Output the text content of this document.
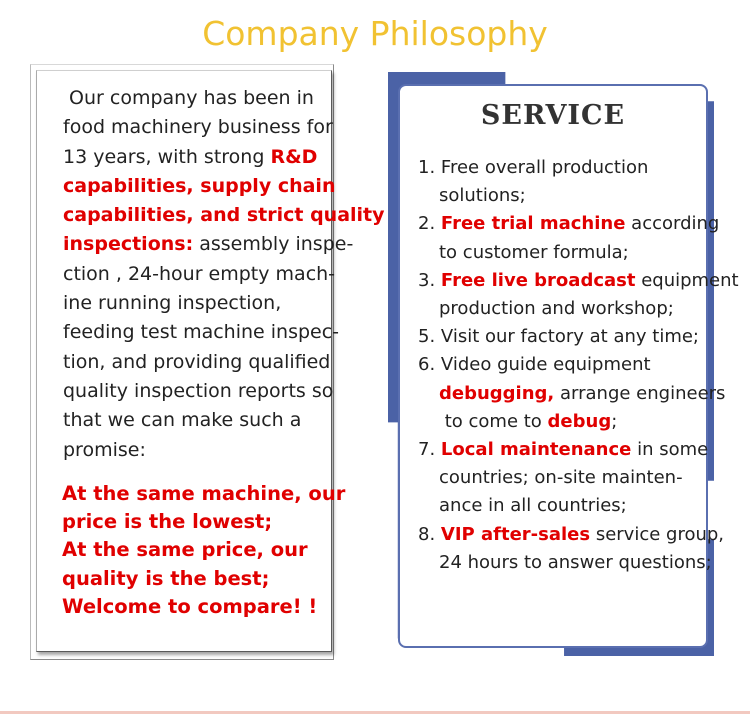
Company Philosophy
Our company has been in
food machinery business for
13 years, with strong R&D
capabilities, supply chain
capabilities, and strict quality
inspections: assembly inspe-
ction , 24-hour empty mach-
ine running inspection,
feeding test machine inspec-
tion, and providing qualified
quality inspection reports so
that we can make such a
promise:
At the same machine, our
price is the lowest;
At the same price, our
quality is the best;
Welcome to compare! !
SERVICE
1. Free overall production
solutions;
2. Free trial machine according
to customer formula;
3. Free live broadcast equipment
production and workshop;
5. Visit our factory at any time;
6. Video guide equipment
debugging, arrange engineers
to come to debug;
7. Local maintenance in some
countries; on-site mainten-
ance in all countries;
8. VIP after-sales service group,
24 hours to answer questions;
